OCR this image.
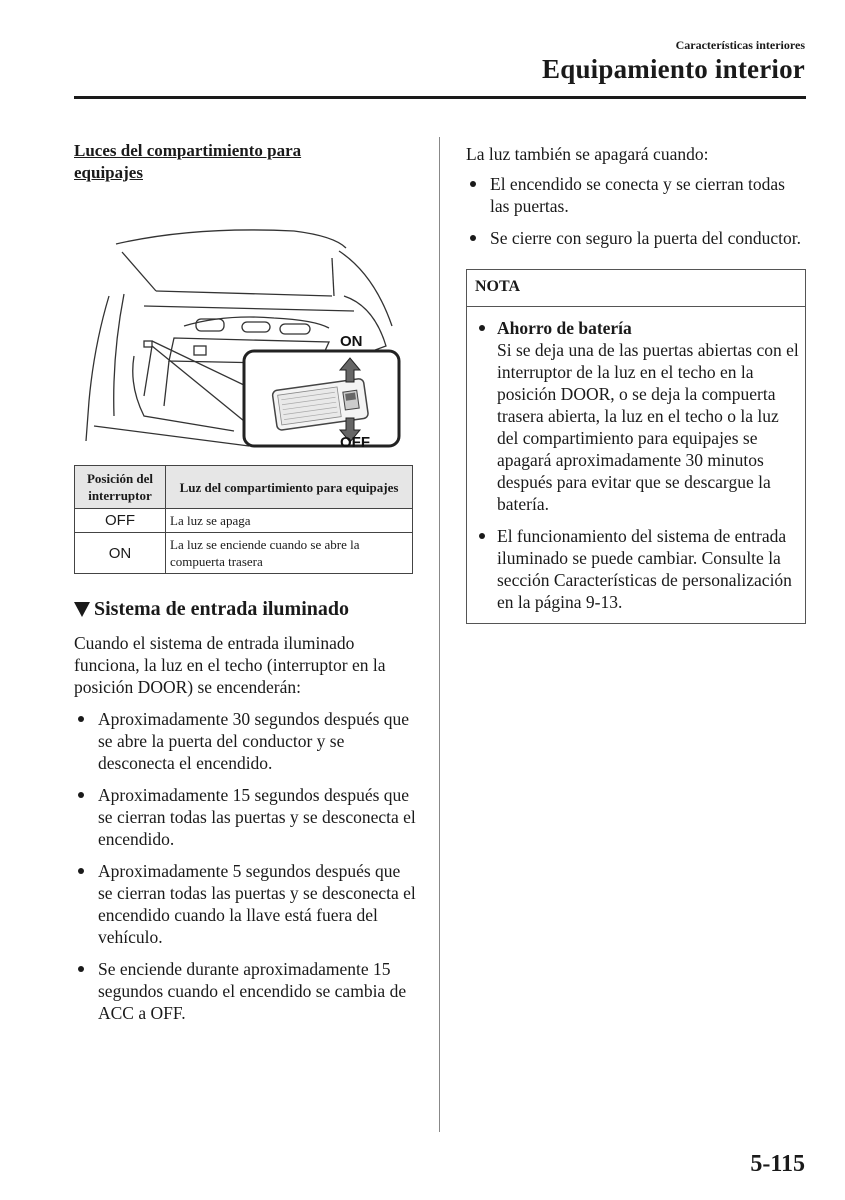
Características interiores

Equipamiento interior
Luces del compartimiento para equipajes
ON
OFF
Posición del interruptor	Luz del compartimiento para equipajes
OFF	La luz se apaga
ON	La luz se enciende cuando se abre la compuerta trasera
Sistema de entrada iluminado

Cuando el sistema de entrada iluminado funciona, la luz en el techo (interruptor en la posición DOOR) se encenderán:

Aproximadamente 30 segundos después que se abre la puerta del conductor y se desconecta el encendido.
Aproximadamente 15 segundos después que se cierran todas las puertas y se desconecta el encendido.
Aproximadamente 5 segundos después que se cierran todas las puertas y se desconecta el encendido cuando la llave está fuera del vehículo.
Se enciende durante aproximadamente 15 segundos cuando el encendido se cambia de ACC a OFF.

La luz también se apagará cuando:

El encendido se conecta y se cierran todas las puertas.
Se cierre con seguro la puerta del conductor.
NOTA
Ahorro de batería
Si se deja una de las puertas abiertas con el interruptor de la luz en el techo en la posición DOOR, o se deja la compuerta trasera abierta, la luz en el techo o la luz del compartimiento para equipajes se apagará aproximadamente 30 minutos después para evitar que se descargue la batería.
El funcionamiento del sistema de entrada iluminado se puede cambiar. Consulte la sección Características de personalización en la página 9-13.

5-115
